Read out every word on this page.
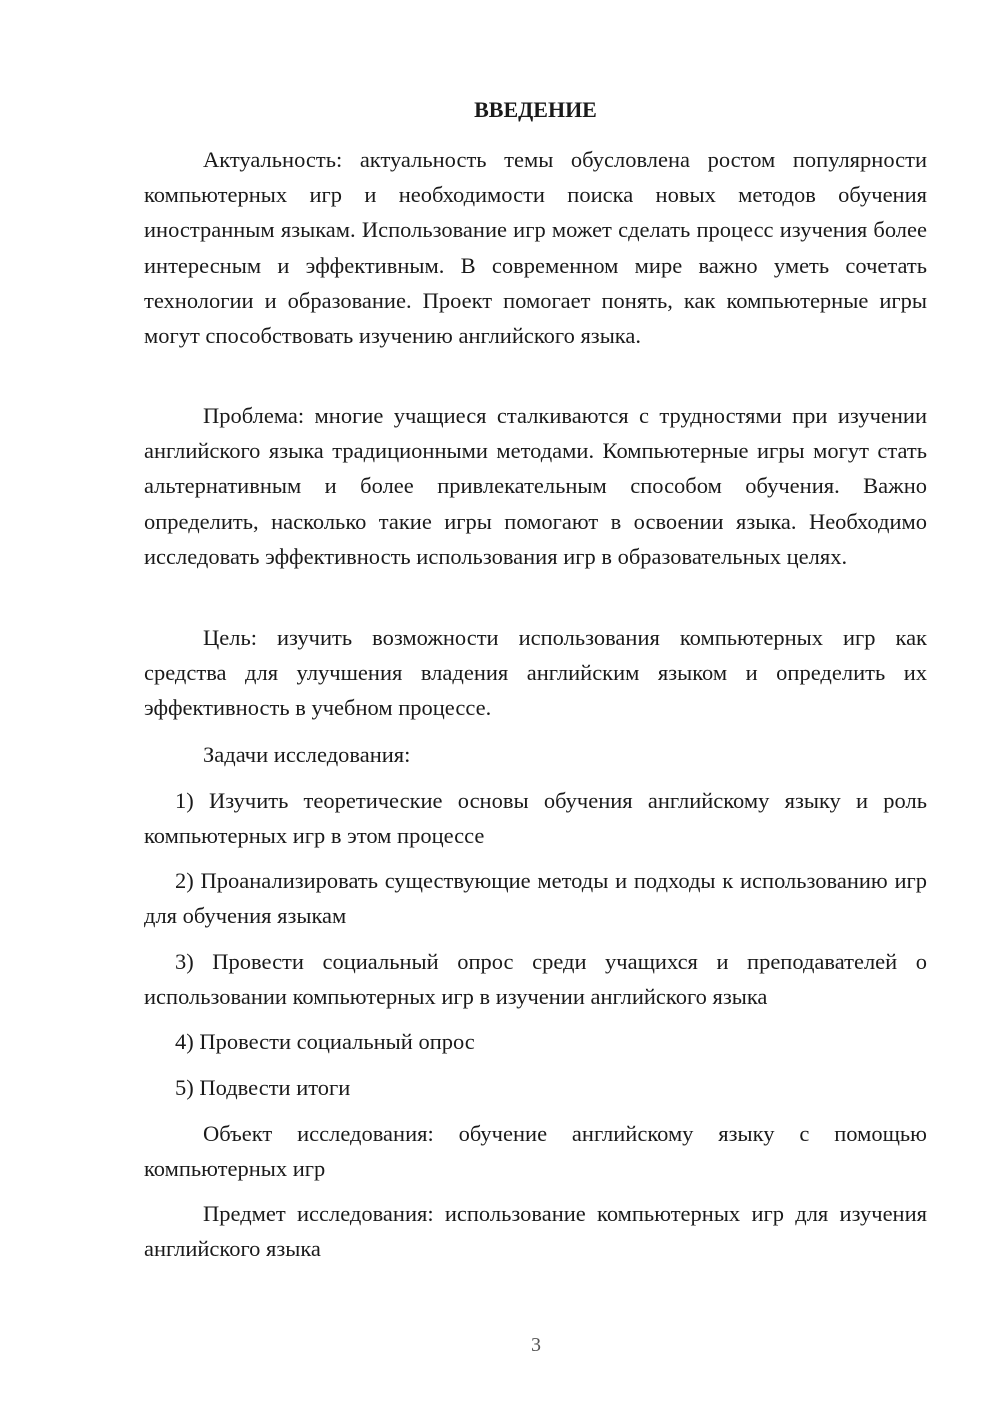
ВВЕДЕНИЕ

Актуальность: актуальность темы обусловлена ростом популярности компьютерных игр и необходимости поиска новых методов обучения иностранным языкам. Использование игр может сделать процесс изучения более интересным и эффективным. В современном мире важно уметь сочетать технологии и образование. Проект помогает понять, как компьютерные игры могут способствовать изучению английского языка.

Проблема: многие учащиеся сталкиваются с трудностями при изучении английского языка традиционными методами. Компьютерные игры могут стать альтернативным и более привлекательным способом обучения. Важно определить, насколько такие игры помогают в освоении языка. Необходимо исследовать эффективность использования игр в образовательных целях.

Цель: изучить возможности использования компьютерных игр как средства для улучшения владения английским языком и определить их эффективность в учебном процессе.

Задачи исследования:

1) Изучить теоретические основы обучения английскому языку и роль компьютерных игр в этом процессе

2) Проанализировать существующие методы и подходы к использованию игр для обучения языкам

3) Провести социальный опрос среди учащихся и преподавателей о использовании компьютерных игр в изучении английского языка

4) Провести социальный опрос

5) Подвести итоги

Объект исследования: обучение английскому языку с помощью компьютерных игр

Предмет исследования: использование компьютерных игр для изучения английского языка

3
